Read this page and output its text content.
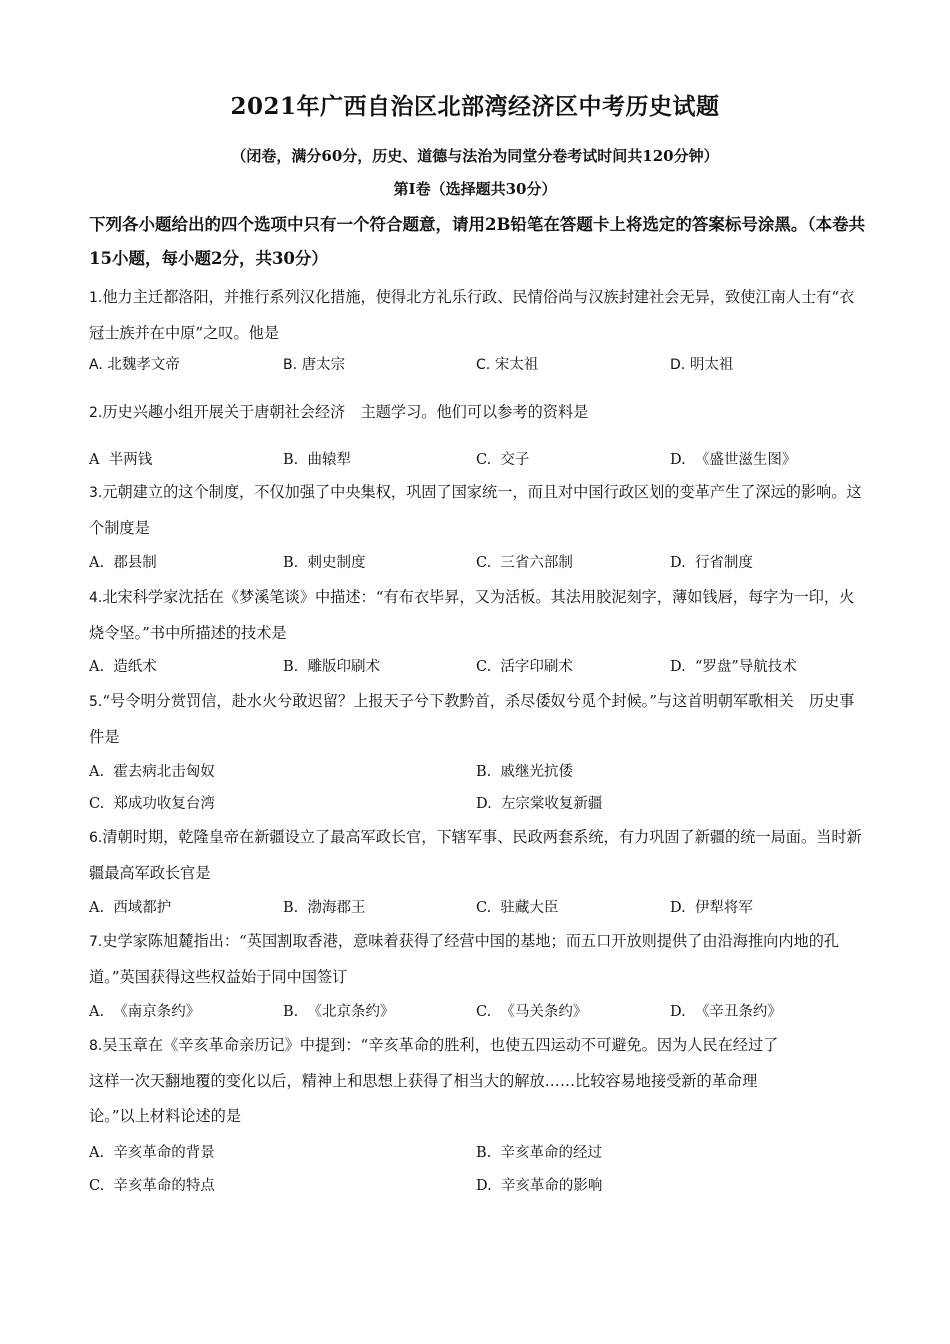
2021年广西自治区北部湾经济区中考历史试题
（闭卷，满分60分，历史、道德与法治为同堂分卷考试时间共120分钟）
第Ⅰ卷（选择题共30分）
下列各小题给出的四个选项中只有一个符合题意，请用2B铅笔在答题卡上将选定的答案标号涂黑。（本卷共15小题，每小题2分，共30分）
1.他力主迁都洛阳，并推行系列汉化措施，使得北方礼乐行政、民情俗尚与汉族封建社会无异，致使江南人士有“衣冠士族并在中原”之叹。他是
A. 北魏孝文帝	B. 唐太宗	C. 宋太祖	D. 明太祖
2.历史兴趣小组开展关于唐朝社会经济　主题学习。他们可以参考的资料是
A 半两钱	B. 曲辕犁	C. 交子	D. 《盛世滋生图》
3.元朝建立的这个制度，不仅加强了中央集权，巩固了国家统一，而且对中国行政区划的变革产生了深远的影响。这个制度是
A. 郡县制	B. 刺史制度	C. 三省六部制	D. 行省制度
4.北宋科学家沈括在《梦溪笔谈》中描述：“有布衣毕昇，又为活板。其法用胶泥刻字，薄如钱唇，每字为一印，火烧令坚。”书中所描述的技术是
A. 造纸术	B. 雕版印刷术	C. 活字印刷术	D. “罗盘”导航技术
5.“号令明分赏罚信，赴水火兮敢迟留？上报天子兮下教黔首，杀尽倭奴兮觅个封候。”与这首明朝军歌相关　历史事件是
A. 霍去病北击匈奴	B. 戚继光抗倭
C. 郑成功收复台湾	D. 左宗棠收复新疆
6.清朝时期，乾隆皇帝在新疆设立了最高军政长官，下辖军事、民政两套系统，有力巩固了新疆的统一局面。当时新疆最高军政长官是
A. 西域都护	B. 渤海郡王	C. 驻藏大臣	D. 伊犁将军
7.史学家陈旭麓指出：“英国割取香港，意味着获得了经营中国的基地；而五口开放则提供了由沿海推向内地的孔道。”英国获得这些权益始于同中国签订
A. 《南京条约》	B. 《北京条约》	C. 《马关条约》	D. 《辛丑条约》
8.吴玉章在《辛亥革命亲历记》中提到：“辛亥革命的胜利，也使五四运动不可避免。因为人民在经过了
这样一次天翻地覆的变化以后，精神上和思想上获得了相当大的解放……比较容易地接受新的革命理
论。”以上材料论述的是
A. 辛亥革命的背景	B. 辛亥革命的经过
C. 辛亥革命的特点	D. 辛亥革命的影响
